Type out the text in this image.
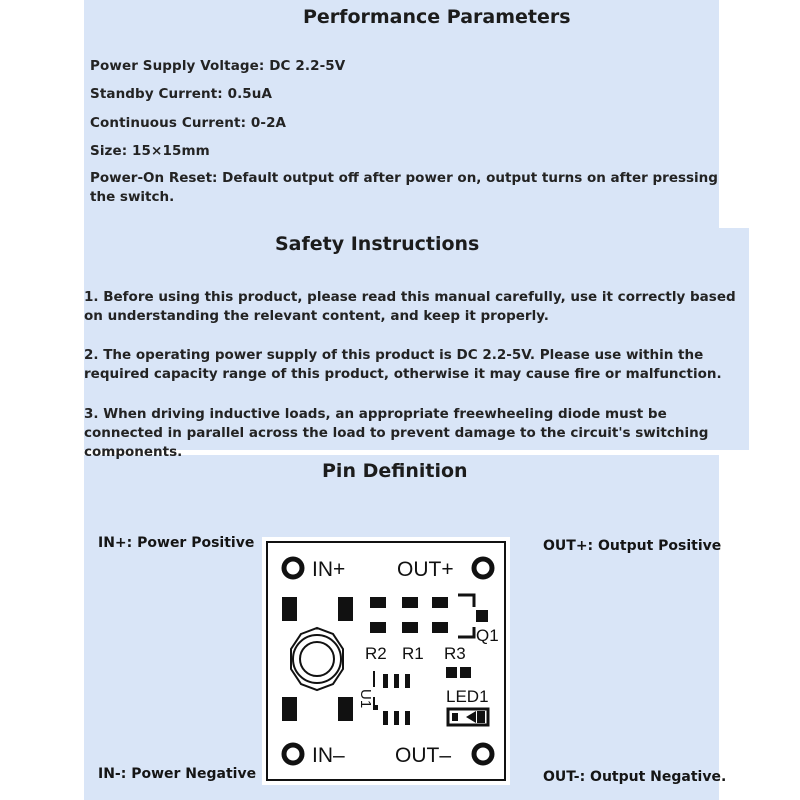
Performance Parameters
Power Supply Voltage: DC 2.2-5V
Standby Current: 0.5uA
Continuous Current: 0-2A
Size: 15×15mm
Power-On Reset: Default output off after power on, output turns on after pressing the switch.
Safety Instructions
1. Before using this product, please read this manual carefully, use it correctly based on understanding the relevant content, and keep it properly.
2. The operating power supply of this product is DC 2.2-5V. Please use within the required capacity range of this product, otherwise it may cause fire or malfunction.
3. When driving inductive loads, an appropriate freewheeling diode must be connected in parallel across the load to prevent damage to the circuit's switching components.
Pin Definition
IN+: Power Positive	OUT+: Output Positive
IN-: Power Negative	OUT-: Output Negative.
IN+ OUT+
IN– OUT–
R2 R1 R3
Q1
U1	LED1
